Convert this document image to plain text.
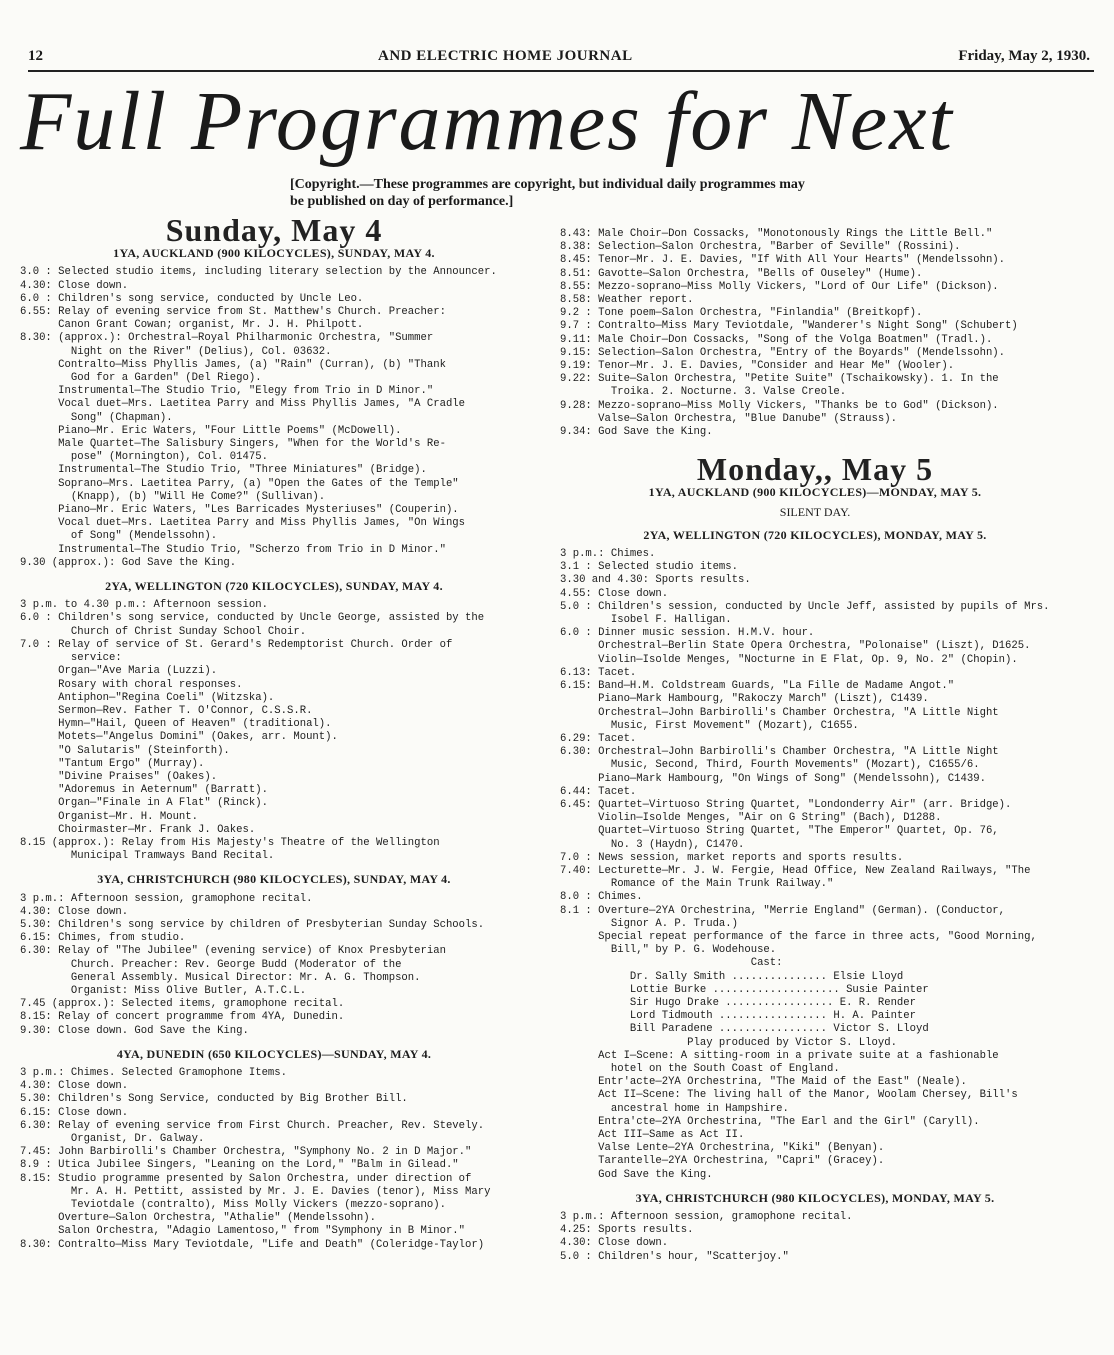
12	AND ELECTRIC HOME JOURNAL	Friday, May 2, 1930.
Full Programmes for Next
[Copyright.—These programmes are copyright, but individual daily programmes may be published on day of performance.]
Sunday, May 4
1YA, AUCKLAND (900 KILOCYCLES), SUNDAY, MAY 4.
3.0 : Selected studio items, including literary selection by the Announcer.
4.30: Close down.
6.0 : Children's song service, conducted by Uncle Leo.
6.55: Relay of evening service from St. Matthew's Church. Preacher:
Canon Grant Cowan; organist, Mr. J. H. Philpott.
8.30: (approx.): Orchestral—Royal Philharmonic Orchestra, "Summer
Night on the River" (Delius), Col. 03632.
Contralto—Miss Phyllis James, (a) "Rain" (Curran), (b) "Thank
God for a Garden" (Del Riego).
Instrumental—The Studio Trio, "Elegy from Trio in D Minor."
Vocal duet—Mrs. Laetitea Parry and Miss Phyllis James, "A Cradle
Song" (Chapman).
Piano—Mr. Eric Waters, "Four Little Poems" (McDowell).
Male Quartet—The Salisbury Singers, "When for the World's Re-
pose" (Mornington), Col. 01475.
Instrumental—The Studio Trio, "Three Miniatures" (Bridge).
Soprano—Mrs. Laetitea Parry, (a) "Open the Gates of the Temple"
(Knapp), (b) "Will He Come?" (Sullivan).
Piano—Mr. Eric Waters, "Les Barricades Mysteriuses" (Couperin).
Vocal duet—Mrs. Laetitea Parry and Miss Phyllis James, "On Wings
of Song" (Mendelssohn).
Instrumental—The Studio Trio, "Scherzo from Trio in D Minor."
9.30 (approx.): God Save the King.
2YA, WELLINGTON (720 KILOCYCLES), SUNDAY, MAY 4.
3 p.m. to 4.30 p.m.: Afternoon session.
6.0 : Children's song service, conducted by Uncle George, assisted by the
Church of Christ Sunday School Choir.
7.0 : Relay of service of St. Gerard's Redemptorist Church. Order of
service:
Organ—"Ave Maria (Luzzi).
Rosary with choral responses.
Antiphon—"Regina Coeli" (Witzska).
Sermon—Rev. Father T. O'Connor, C.S.S.R.
Hymn—"Hail, Queen of Heaven" (traditional).
Motets—"Angelus Domini" (Oakes, arr. Mount).
"O Salutaris" (Steinforth).
"Tantum Ergo" (Murray).
"Divine Praises" (Oakes).
"Adoremus in Aeternum" (Barratt).
Organ—"Finale in A Flat" (Rinck).
Organist—Mr. H. Mount.
Choirmaster—Mr. Frank J. Oakes.
8.15 (approx.): Relay from His Majesty's Theatre of the Wellington
Municipal Tramways Band Recital.
3YA, CHRISTCHURCH (980 KILOCYCLES), SUNDAY, MAY 4.
3 p.m.: Afternoon session, gramophone recital.
4.30: Close down.
5.30: Children's song service by children of Presbyterian Sunday Schools.
6.15: Chimes, from studio.
6.30: Relay of "The Jubilee" (evening service) of Knox Presbyterian
Church. Preacher: Rev. George Budd (Moderator of the
General Assembly. Musical Director: Mr. A. G. Thompson.
Organist: Miss Olive Butler, A.T.C.L.
7.45 (approx.): Selected items, gramophone recital.
8.15: Relay of concert programme from 4YA, Dunedin.
9.30: Close down. God Save the King.
4YA, DUNEDIN (650 KILOCYCLES)—SUNDAY, MAY 4.
3 p.m.: Chimes. Selected Gramophone Items.
4.30: Close down.
5.30: Children's Song Service, conducted by Big Brother Bill.
6.15: Close down.
6.30: Relay of evening service from First Church. Preacher, Rev. Stevely.
Organist, Dr. Galway.
7.45: John Barbirolli's Chamber Orchestra, "Symphony No. 2 in D Major."
8.9 : Utica Jubilee Singers, "Leaning on the Lord," "Balm in Gilead."
8.15: Studio programme presented by Salon Orchestra, under direction of
Mr. A. H. Pettitt, assisted by Mr. J. E. Davies (tenor), Miss Mary
Teviotdale (contralto), Miss Molly Vickers (mezzo-soprano).
Overture—Salon Orchestra, "Athalie" (Mendelssohn).
Salon Orchestra, "Adagio Lamentoso," from "Symphony in B Minor."
8.30: Contralto—Miss Mary Teviotdale, "Life and Death" (Coleridge-Taylor)
8.43: Male Choir—Don Cossacks, "Monotonously Rings the Little Bell."
8.38: Selection—Salon Orchestra, "Barber of Seville" (Rossini).
8.45: Tenor—Mr. J. E. Davies, "If With All Your Hearts" (Mendelssohn).
8.51: Gavotte—Salon Orchestra, "Bells of Ouseley" (Hume).
8.55: Mezzo-soprano—Miss Molly Vickers, "Lord of Our Life" (Dickson).
8.58: Weather report.
9.2 : Tone poem—Salon Orchestra, "Finlandia" (Breitkopf).
9.7 : Contralto—Miss Mary Teviotdale, "Wanderer's Night Song" (Schubert)
9.11: Male Choir—Don Cossacks, "Song of the Volga Boatmen" (Tradl.).
9.15: Selection—Salon Orchestra, "Entry of the Boyards" (Mendelssohn).
9.19: Tenor—Mr. J. E. Davies, "Consider and Hear Me" (Wooler).
9.22: Suite—Salon Orchestra, "Petite Suite" (Tschaikowsky). 1. In the
Troika. 2. Nocturne. 3. Valse Creole.
9.28: Mezzo-soprano—Miss Molly Vickers, "Thanks be to God" (Dickson).
Valse—Salon Orchestra, "Blue Danube" (Strauss).
9.34: God Save the King.
Monday,, May 5
1YA, AUCKLAND (900 KILOCYCLES)—MONDAY, MAY 5.
SILENT DAY.
2YA, WELLINGTON (720 KILOCYCLES), MONDAY, MAY 5.
3 p.m.: Chimes.
3.1 : Selected studio items.
3.30 and 4.30: Sports results.
4.55: Close down.
5.0 : Children's session, conducted by Uncle Jeff, assisted by pupils of Mrs.
Isobel F. Halligan.
6.0 : Dinner music session. H.M.V. hour.
Orchestral—Berlin State Opera Orchestra, "Polonaise" (Liszt), D1625.
Violin—Isolde Menges, "Nocturne in E Flat, Op. 9, No. 2" (Chopin).
6.13: Tacet.
6.15: Band—H.M. Coldstream Guards, "La Fille de Madame Angot."
Piano—Mark Hambourg, "Rakoczy March" (Liszt), C1439.
Orchestral—John Barbirolli's Chamber Orchestra, "A Little Night
Music, First Movement" (Mozart), C1655.
6.29: Tacet.
6.30: Orchestral—John Barbirolli's Chamber Orchestra, "A Little Night
Music, Second, Third, Fourth Movements" (Mozart), C1655/6.
Piano—Mark Hambourg, "On Wings of Song" (Mendelssohn), C1439.
6.44: Tacet.
6.45: Quartet—Virtuoso String Quartet, "Londonderry Air" (arr. Bridge).
Violin—Isolde Menges, "Air on G String" (Bach), D1288.
Quartet—Virtuoso String Quartet, "The Emperor" Quartet, Op. 76,
No. 3 (Haydn), C1470.
7.0 : News session, market reports and sports results.
7.40: Lecturette—Mr. J. W. Fergie, Head Office, New Zealand Railways, "The
Romance of the Main Trunk Railway."
8.0 : Chimes.
8.1 : Overture—2YA Orchestrina, "Merrie England" (German). (Conductor,
Signor A. P. Truda.)
Special repeat performance of the farce in three acts, "Good Morning,
Bill," by P. G. Wodehouse.
Cast:
Dr. Sally Smith ............... Elsie Lloyd
Lottie Burke .................... Susie Painter
Sir Hugo Drake ................. E. R. Render
Lord Tidmouth ................. H. A. Painter
Bill Paradene ................. Victor S. Lloyd
Play produced by Victor S. Lloyd.
Act I—Scene: A sitting-room in a private suite at a fashionable
hotel on the South Coast of England.
Entr'acte—2YA Orchestrina, "The Maid of the East" (Neale).
Act II—Scene: The living hall of the Manor, Woolam Chersey, Bill's
ancestral home in Hampshire.
Entra'cte—2YA Orchestrina, "The Earl and the Girl" (Caryll).
Act III—Same as Act II.
Valse Lente—2YA Orchestrina, "Kiki" (Benyan).
Tarantelle—2YA Orchestrina, "Capri" (Gracey).
God Save the King.
3YA, CHRISTCHURCH (980 KILOCYCLES), MONDAY, MAY 5.
3 p.m.: Afternoon session, gramophone recital.
4.25: Sports results.
4.30: Close down.
5.0 : Children's hour, "Scatterjoy."
